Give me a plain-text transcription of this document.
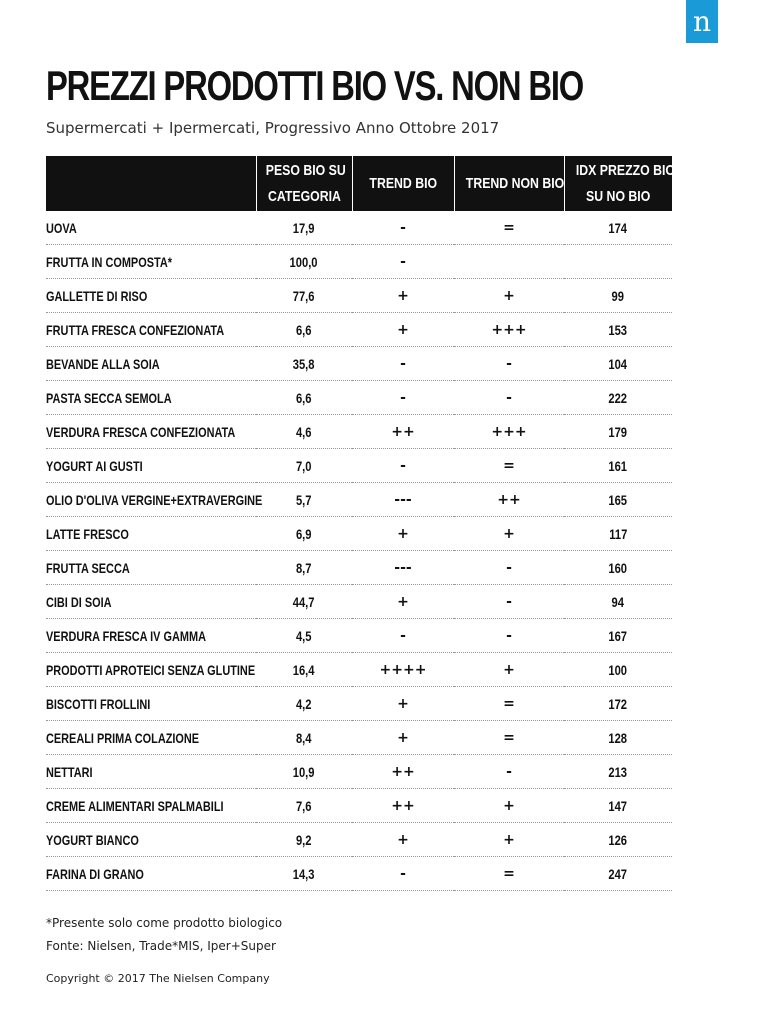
n
PREZZI PRODOTTI BIO VS. NON BIO
Supermercati + Ipermercati, Progressivo Anno Ottobre 2017
	PESO BIO SU
CATEGORIA	TREND BIO	TREND NON BIO	IDX PREZZO BIO
SU NO BIO
UOVA	17,9	-	=	174
FRUTTA IN COMPOSTA*	100,0	-		
GALLETTE DI RISO	77,6	+	+	99
FRUTTA FRESCA CONFEZIONATA	6,6	+	+++	153
BEVANDE ALLA SOIA	35,8	-	-	104
PASTA SECCA SEMOLA	6,6	-	-	222
VERDURA FRESCA CONFEZIONATA	4,6	++	+++	179
YOGURT AI GUSTI	7,0	-	=	161
OLIO D'OLIVA VERGINE+EXTRAVERGINE	5,7	---	++	165
LATTE FRESCO	6,9	+	+	117
FRUTTA SECCA	8,7	---	-	160
CIBI DI SOIA	44,7	+	-	94
VERDURA FRESCA IV GAMMA	4,5	-	-	167
PRODOTTI APROTEICI SENZA GLUTINE	16,4	++++	+	100
BISCOTTI FROLLINI	4,2	+	=	172
CEREALI PRIMA COLAZIONE	8,4	+	=	128
NETTARI	10,9	++	-	213
CREME ALIMENTARI SPALMABILI	7,6	++	+	147
YOGURT BIANCO	9,2	+	+	126
FARINA DI GRANO	14,3	-	=	247
*Presente solo come prodotto biologico
Fonte: Nielsen, Trade*MIS, Iper+Super
Copyright © 2017 The Nielsen Company
